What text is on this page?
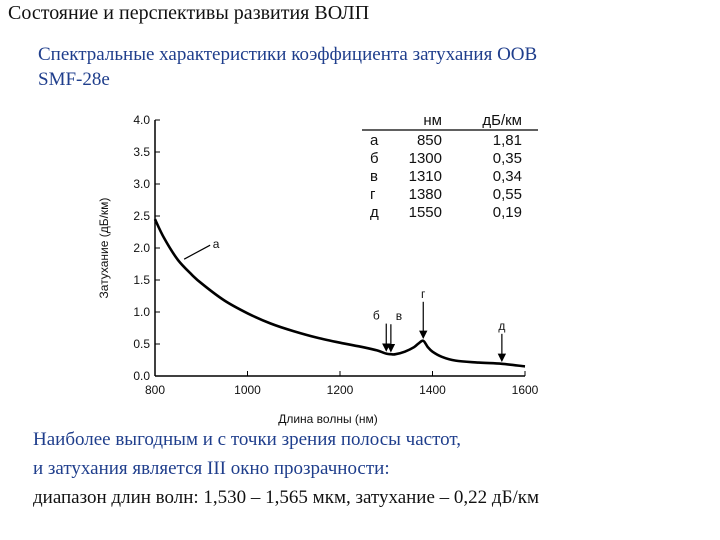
Состояние и перспективы развития ВОЛП
Спектральные характеристики коэффициента затухания ООВ
SMF-28e
0.0
0.5
1.0
1.5
2.0
2.5
3.0
3.5
4.0
800	1000	1200	1400	1600
а
б в
г
д
нм	дБ/км
а	850	1,81
б 1300	0,35
в 1310	0,34
г 1380	0,55
д 1550	0,19
Затухание (дБ/км)
Длина волны (нм)
Наиболее выгодным и с точки зрения полосы частот,
и затухания является III окно прозрачности:
диапазон длин волн: 1,530 – 1,565 мкм, затухание – 0,22 дБ/км
